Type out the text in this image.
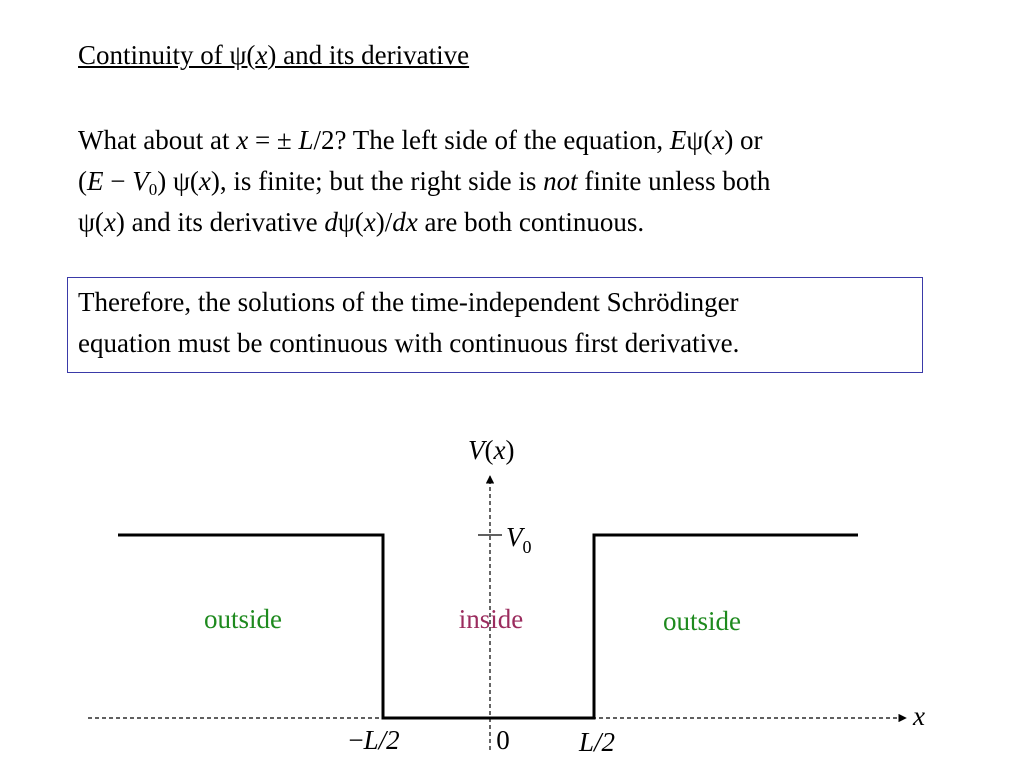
Continuity of ψ(x) and its derivative
What about at x = ± L/2? The left side of the equation, Eψ(x) or
$(E - V_0)$ ψ(x), is finite; but the right side is not finite unless both
ψ(x) and its derivative dψ(x)/dx are both continuous.
Therefore, the solutions of the time-independent Schrödinger
equation must be continuous with continuous first derivative.
V(x)
$V_0$
x
outside	inside	outside
−L/2	0	L/2
